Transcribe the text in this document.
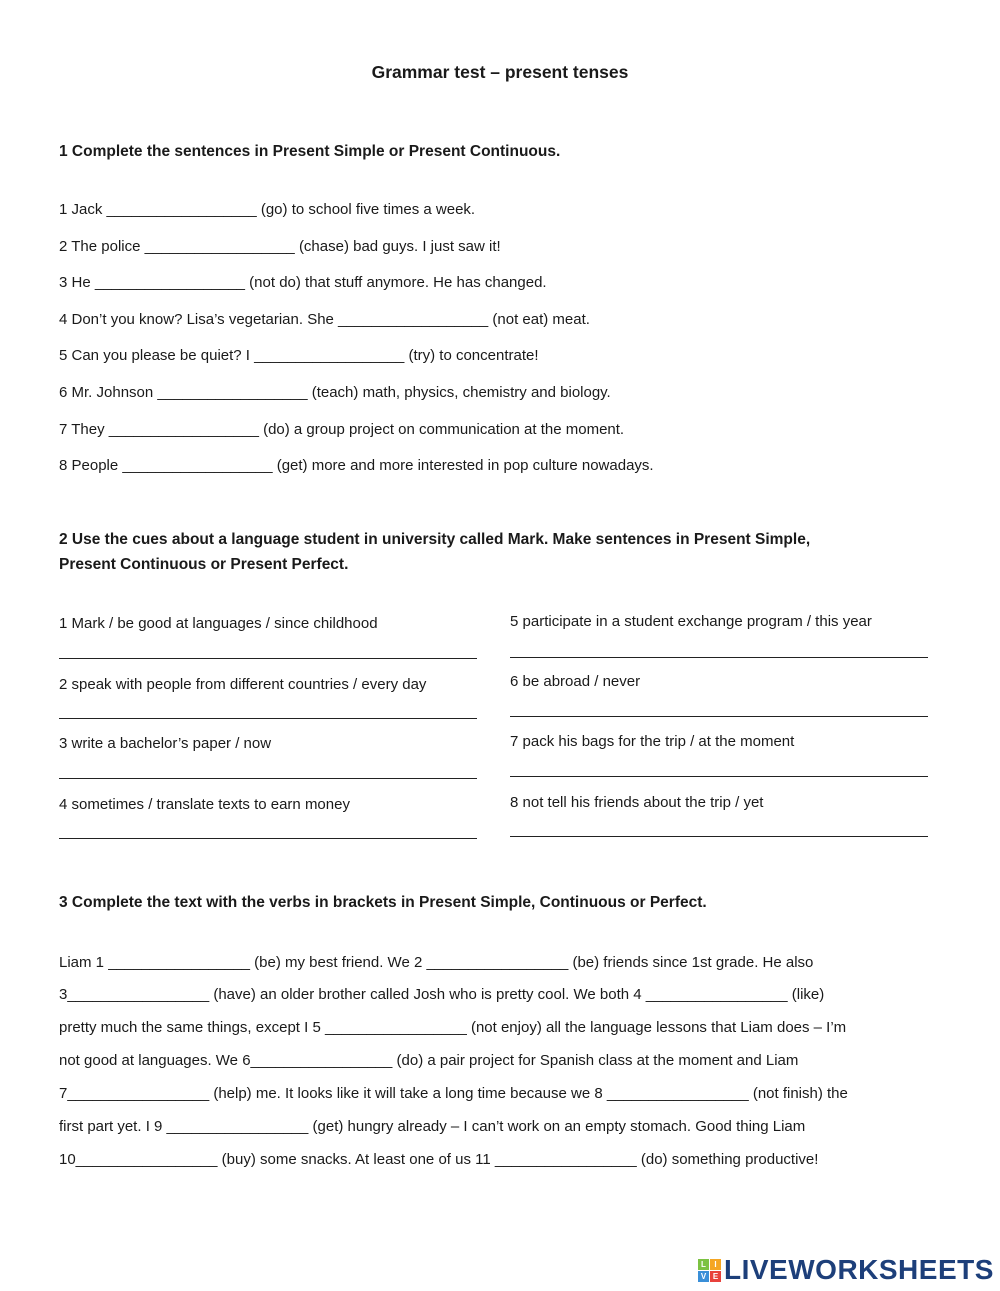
Grammar test – present tenses
1 Complete the sentences in Present Simple or Present Continuous.
1 Jack __________________ (go) to school five times a week.
2 The police __________________ (chase) bad guys. I just saw it!
3 He __________________ (not do) that stuff anymore. He has changed.
4 Don’t you know? Lisa’s vegetarian. She __________________ (not eat) meat.
5 Can you please be quiet? I __________________ (try) to concentrate!
6 Mr. Johnson __________________ (teach) math, physics, chemistry and biology.
7 They __________________ (do) a group project on communication at the moment.
8 People __________________ (get) more and more interested in pop culture nowadays.
2 Use the cues about a language student in university called Mark. Make sentences in Present Simple,
Present Continuous or Present Perfect.
1 Mark / be good at languages / since childhood
2 speak with people from different countries / every day
3 write a bachelor’s paper / now
4 sometimes / translate texts to earn money
5 participate in a student exchange program / this year
6 be abroad / never
7 pack his bags for the trip / at the moment
8 not tell his friends about the trip / yet
3 Complete the text with the verbs in brackets in Present Simple, Continuous or Perfect.
Liam 1 _________________ (be) my best friend. We 2 _________________ (be) friends since 1st grade. He also
3_________________ (have) an older brother called Josh who is pretty cool. We both 4 _________________ (like)
pretty much the same things, except I 5 _________________ (not enjoy) all the language lessons that Liam does – I’m
not good at languages. We 6_________________ (do) a pair project for Spanish class at the moment and Liam
7_________________ (help) me. It looks like it will take a long time because we 8 _________________ (not finish) the
first part yet. I 9 _________________ (get) hungry already – I can’t work on an empty stomach. Good thing Liam
10_________________ (buy) some snacks. At least one of us 11 _________________ (do) something productive!
L	I
V E LIVEWORKSHEETS
